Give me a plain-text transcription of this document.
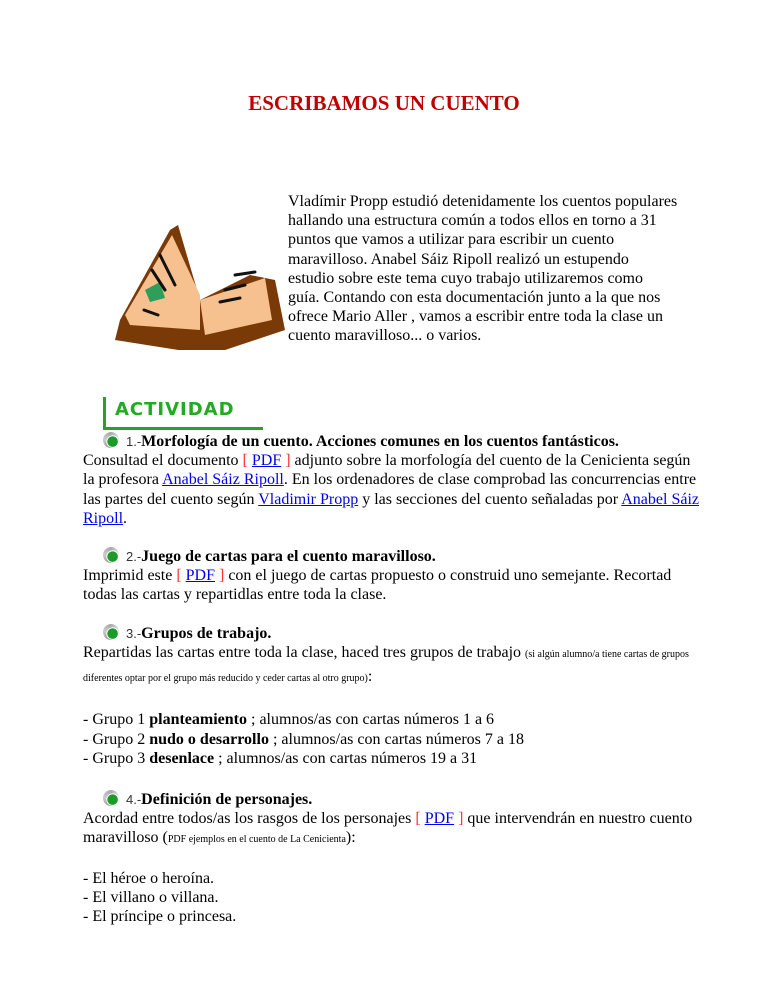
ESCRIBAMOS UN CUENTO
Vladímir Propp estudió detenidamente los cuentos populares hallando una estructura común a todos ellos en torno a 31 puntos que vamos a utilizar para escribir un cuento maravilloso. Anabel Sáiz Ripoll realizó un estupendo estudio sobre este tema cuyo trabajo utilizaremos como guía. Contando con esta documentación junto a la que nos ofrece Mario Aller , vamos a escribir entre toda la clase un cuento maravilloso... o varios.
ACTIVIDAD
1.-Morfología de un cuento. Acciones comunes en los cuentos fantásticos.
Consultad el documento [ PDF ] adjunto sobre la morfología del cuento de la Cenicienta según la profesora Anabel Sáiz Ripoll. En los ordenadores de clase comprobad las concurrencias entre las partes del cuento según Vladimir Propp y las secciones del cuento señaladas por Anabel Sáiz Ripoll.
2.-Juego de cartas para el cuento maravilloso.
Imprimid este [ PDF ] con el juego de cartas propuesto o construid uno semejante. Recortad todas las cartas y repartidlas entre toda la clase.
3.-Grupos de trabajo.
Repartidas las cartas entre toda la clase, haced tres grupos de trabajo (si algún alumno/a tiene cartas de grupos diferentes optar por el grupo más reducido y ceder cartas al otro grupo):

- Grupo 1 planteamiento ; alumnos/as con cartas números 1 a 6
- Grupo 2 nudo o desarrollo ; alumnos/as con cartas números 7 a 18
- Grupo 3 desenlace ; alumnos/as con cartas números 19 a 31
4.-Definición de personajes.
Acordad entre todos/as los rasgos de los personajes [ PDF ] que intervendrán en nuestro cuento maravilloso (PDF ejemplos en el cuento de La Cenicienta):

- El héroe o heroína.
- El villano o villana.
- El príncipe o princesa.
